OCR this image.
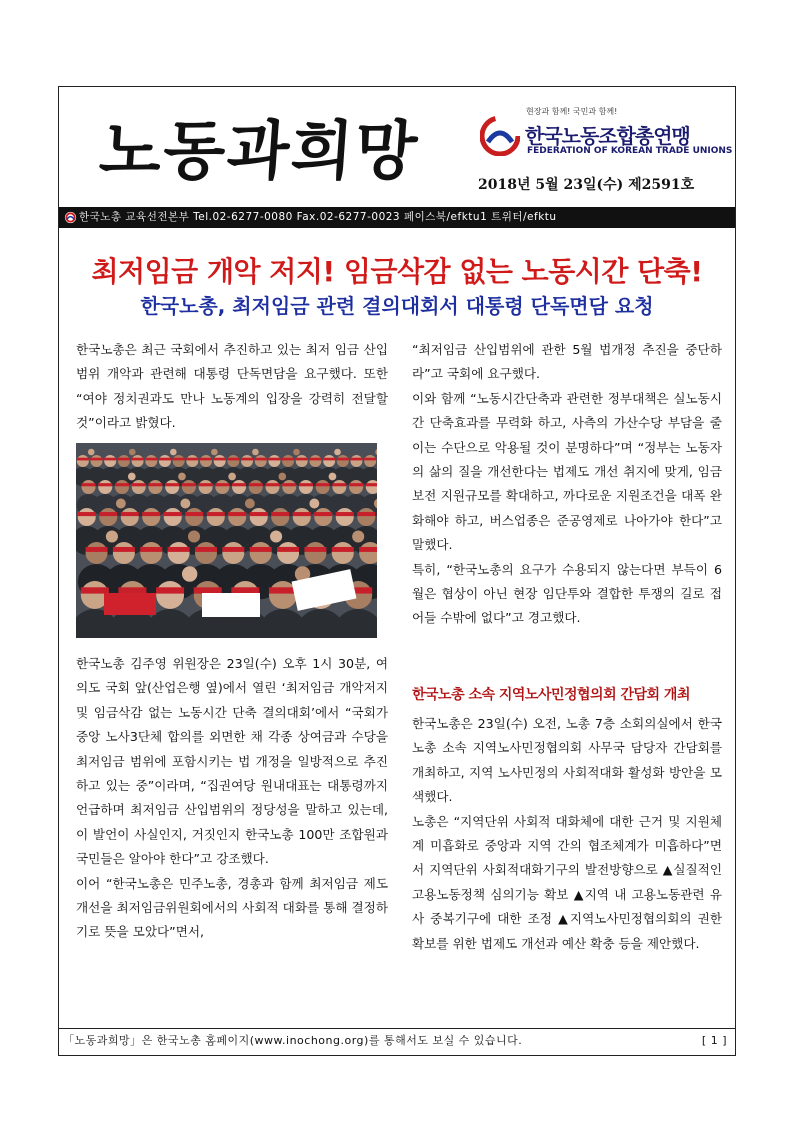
노동과희망
현장과 함께! 국민과 함께!
한국노동조합총연맹
FEDERATION OF KOREAN TRADE UNIONS
2018년 5월 23일(수) 제2591호
한국노총 교육선전본부 Tel.02-6277-0080 Fax.02-6277-0023 페이스북/efktu1 트위터/efktu
최저임금 개악 저지! 임금삭감 없는 노동시간 단축!
한국노총, 최저임금 관련 결의대회서 대통령 단독면담 요청

한국노총은 최근 국회에서 추진하고 있는 최저 임금 산입범위 개악과 관련해 대통령 단독면담을 요구했다. 또한 “여야 정치권과도 만나 노동계의 입장을 강력히 전달할 것”이라고 밝혔다.

한국노총 김주영 위원장은 23일(수) 오후 1시 30분, 여의도 국회 앞(산업은행 옆)에서 열린 ‘최저임금 개악저지 및 임금삭감 없는 노동시간 단축 결의대회’에서 “국회가 중앙 노사3단체 합의를 외면한 채 각종 상여금과 수당을 최저임금 범위에 포함시키는 법 개정을 일방적으로 추진하고 있는 중”이라며, “집권여당 원내대표는 대통령까지 언급하며 최저임금 산입범위의 정당성을 말하고 있는데, 이 발언이 사실인지, 거짓인지 한국노총 100만 조합원과 국민들은 알아야 한다”고 강조했다.

이어 “한국노총은 민주노총, 경총과 함께 최저임금 제도개선을 최저임금위원회에서의 사회적 대화를 통해 결정하기로 뜻을 모았다”면서,

“최저임금 산입범위에 관한 5월 법개정 추진을 중단하라”고 국회에 요구했다.

이와 함께 “노동시간단축과 관련한 정부대책은 실노동시간 단축효과를 무력화 하고, 사측의 가산수당 부담을 줄이는 수단으로 악용될 것이 분명하다”며 “정부는 노동자의 삶의 질을 개선한다는 법제도 개선 취지에 맞게, 임금보전 지원규모를 확대하고, 까다로운 지원조건을 대폭 완화해야 하고, 버스업종은 준공영제로 나아가야 한다”고 말했다.

특히, “한국노총의 요구가 수용되지 않는다면 부득이 6월은 협상이 아닌 현장 임단투와 결합한 투쟁의 길로 접어들 수밖에 없다”고 경고했다.

한국노총 소속 지역노사민정협의회 간담회 개최

한국노총은 23일(수) 오전, 노총 7층 소회의실에서 한국노총 소속 지역노사민정협의회 사무국 담당자 간담회를 개최하고, 지역 노사민정의 사회적대화 활성화 방안을 모색했다.

노총은 “지역단위 사회적 대화체에 대한 근거 및 지원체계 미흡화로 중앙과 지역 간의 협조체계가 미흡하다”면서 지역단위 사회적대화기구의 발전방향으로 ▲실질적인 고용노동정책 심의기능 확보 ▲지역 내 고용노동관련 유사 중복기구에 대한 조정 ▲지역노사민정협의회의 권한 확보를 위한 법제도 개선과 예산 확충 등을 제안했다.

「노동과희망」은 한국노총 홈페이지(www.inochong.org)를 통해서도 보실 수 있습니다.	[ 1 ]
